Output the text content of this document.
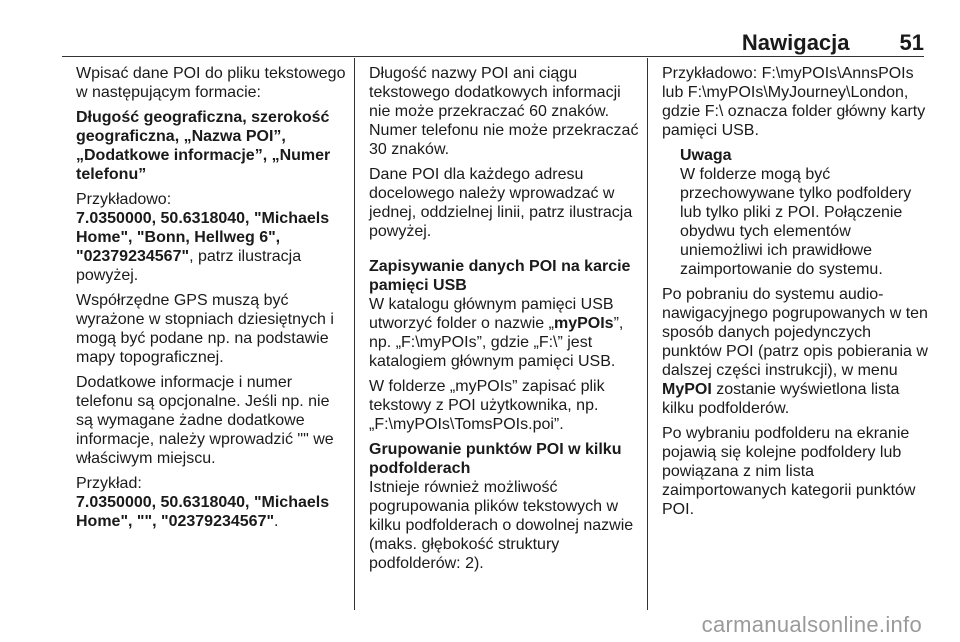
Nawigacja 51

Wpisać dane POI do pliku tekstowego w następującym formacie:

Długość geograficzna, szerokość geograficzna, „Nazwa POI”, „Dodatkowe informacje”, „Numer telefonu”

Przykładowo:
7.0350000, 50.6318040, "Michaels Home", "Bonn, Hellweg 6", "02379234567", patrz ilustracja powyżej.

Współrzędne GPS muszą być wyrażone w stopniach dziesiętnych i mogą być podane np. na podstawie mapy topograficznej.

Dodatkowe informacje i numer telefonu są opcjonalne. Jeśli np. nie są wymagane żadne dodatkowe informacje, należy wprowadzić "" we właściwym miejscu.

Przykład:
7.0350000, 50.6318040, "Michaels Home", "", "02379234567".

Długość nazwy POI ani ciągu tekstowego dodatkowych informacji nie może przekraczać 60 znaków. Numer telefonu nie może przekraczać 30 znaków.

Dane POI dla każdego adresu docelowego należy wprowadzać w jednej, oddzielnej linii, patrz ilustracja powyżej.

Zapisywanie danych POI na karcie pamięci USB

W katalogu głównym pamięci USB utworzyć folder o nazwie „myPOIs”, np. „F:\myPOIs”, gdzie „F:\” jest katalogiem głównym pamięci USB.

W folderze „myPOIs” zapisać plik tekstowy z POI użytkownika, np. „F:\myPOIs\TomsPOIs.poi”.

Grupowanie punktów POI w kilku podfolderach

Istnieje również możliwość pogrupowania plików tekstowych w kilku podfolderach o dowolnej nazwie (maks. głębokość struktury podfolderów: 2).

Przykładowo: F:\myPOIs\AnnsPOIs lub F:\myPOIs\MyJourney\London, gdzie F:\ oznacza folder główny karty pamięci USB.

Uwaga
W folderze mogą być przechowywane tylko podfoldery lub tylko pliki z POI. Połączenie obydwu tych elementów uniemożliwi ich prawidłowe zaimportowanie do systemu.

Po pobraniu do systemu audio-nawigacyjnego pogrupowanych w ten sposób danych pojedynczych punktów POI (patrz opis pobierania w dalszej części instrukcji), w menu MyPOI zostanie wyświetlona lista kilku podfolderów.

Po wybraniu podfolderu na ekranie pojawią się kolejne podfoldery lub powiązana z nim lista zaimportowanych kategorii punktów POI.

carmanualsonline.info
